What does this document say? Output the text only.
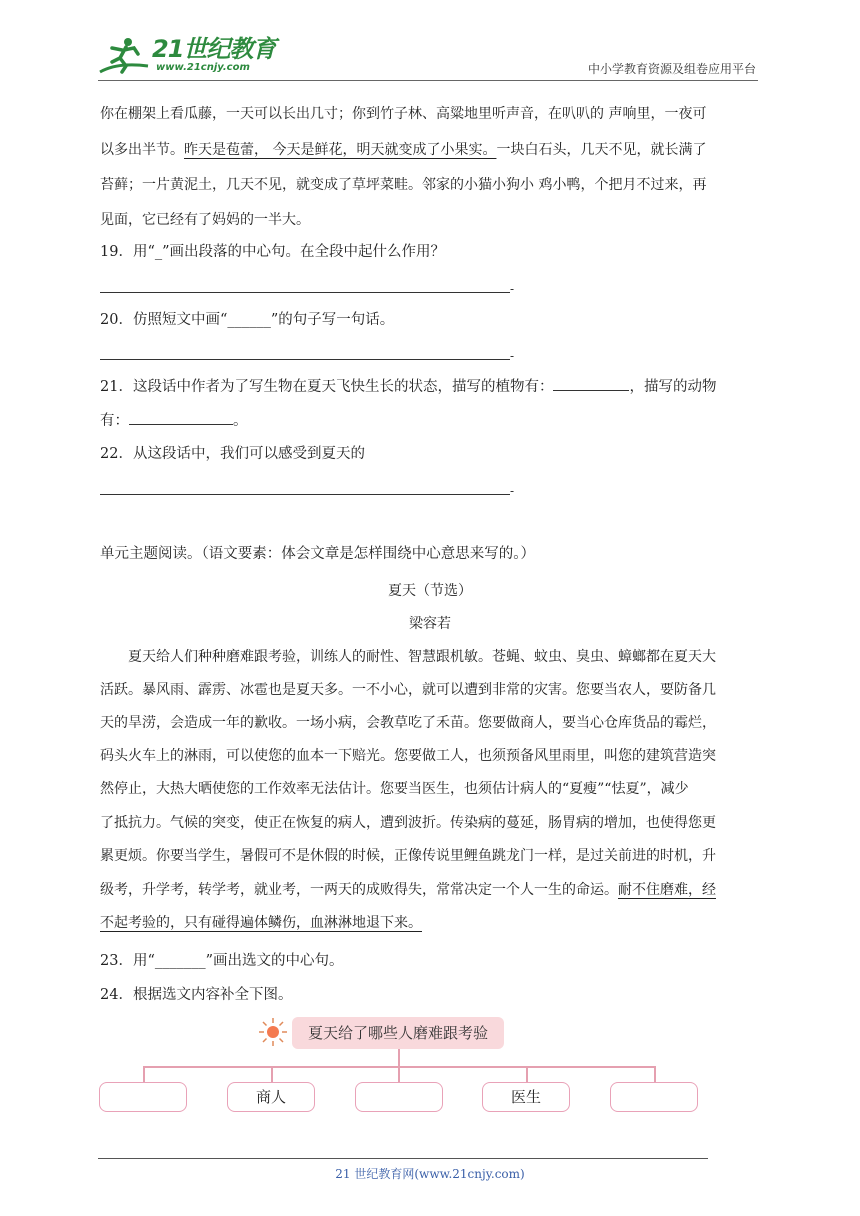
21世纪教育
www.21cnjy.com	中小学教育资源及组卷应用平台
你在棚架上看瓜藤，一天可以长出几寸；你到竹子林、高粱地里听声音，在叭叭的 声响里，一夜可
以多出半节。昨天是苞蕾， 今天是鲜花，明天就变成了小果实。一块白石头，几天不见，就长满了
苔藓；一片黄泥土，几天不见，就变成了草坪菜畦。邻家的小猫小狗小 鸡小鸭，个把月不过来，再
见面，它已经有了妈妈的一半大。
19．用“_”画出段落的中心句。在全段中起什么作用？
-
20．仿照短文中画“______”的句子写一句话。
-
21．这段话中作者为了写生物在夏天飞快生长的状态，描写的植物有：	，描写的动物
有：	。
22．从这段话中，我们可以感受到夏天的
-
单元主题阅读。（语文要素：体会文章是怎样围绕中心意思来写的。）
夏天（节选）
梁容若
夏天给人们种种磨难跟考验，训练人的耐性、智慧跟机敏。苍蝇、蚊虫、臭虫、蟑螂都在夏天大
活跃。暴风雨、霹雳、冰雹也是夏天多。一不小心，就可以遭到非常的灾害。您要当农人，要防备几
天的旱涝，会造成一年的歉收。一场小病，会教草吃了禾苗。您要做商人，要当心仓库货品的霉烂，
码头火车上的淋雨，可以使您的血本一下赔光。您要做工人，也须预备风里雨里，叫您的建筑营造突
然停止，大热大晒使您的工作效率无法估计。您要当医生，也须估计病人的“夏瘦”“怯夏”，减少
了抵抗力。气候的突变，使正在恢复的病人，遭到波折。传染病的蔓延，肠胃病的增加，也使得您更
累更烦。你要当学生，暑假可不是休假的时候，正像传说里鲤鱼跳龙门一样，是过关前进的时机，升
级考，升学考，转学考，就业考，一两天的成败得失，常常决定一个人一生的命运。耐不住磨难，经
不起考验的，只有碰得遍体鳞伤，血淋淋地退下来。
23．用“_______”画出选文的中心句。
24．根据选文内容补全下图。
夏天给了哪些人磨难跟考验
商人	医生
21 世纪教育网(www.21cnjy.com)
